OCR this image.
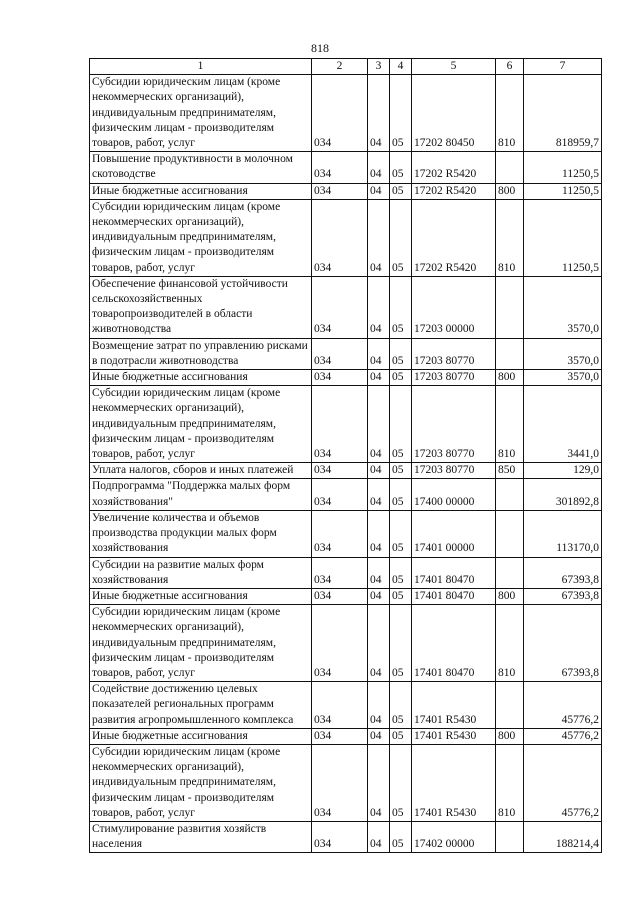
818
1	2	3	4	5	6	7
Субсидии юридическим лицам (кроме некоммерческих организаций), индивидуальным предпринимателям, физическим лицам - производителям товаров, работ, услуг	034	04	05	17202 80450	810	818959,7
Повышение продуктивности в молочном скотоводстве	034	04	05	17202 R5420		11250,5
Иные бюджетные ассигнования	034	04	05	17202 R5420	800	11250,5
Субсидии юридическим лицам (кроме некоммерческих организаций), индивидуальным предпринимателям, физическим лицам - производителям товаров, работ, услуг	034	04	05	17202 R5420	810	11250,5
Обеспечение финансовой устойчивости сельскохозяйственных товаропроизводителей в области животноводства	034	04	05	17203 00000		3570,0
Возмещение затрат по управлению рисками в подотрасли животноводства	034	04	05	17203 80770		3570,0
Иные бюджетные ассигнования	034	04	05	17203 80770	800	3570,0
Субсидии юридическим лицам (кроме некоммерческих организаций), индивидуальным предпринимателям, физическим лицам - производителям товаров, работ, услуг	034	04	05	17203 80770	810	3441,0
Уплата налогов, сборов и иных платежей	034	04	05	17203 80770	850	129,0
Подпрограмма "Поддержка малых форм хозяйствования"	034	04	05	17400 00000		301892,8
Увеличение количества и объемов производства продукции малых форм хозяйствования	034	04	05	17401 00000		113170,0
Субсидии на развитие малых форм хозяйствования	034	04	05	17401 80470		67393,8
Иные бюджетные ассигнования	034	04	05	17401 80470	800	67393,8
Субсидии юридическим лицам (кроме некоммерческих организаций), индивидуальным предпринимателям, физическим лицам - производителям товаров, работ, услуг	034	04	05	17401 80470	810	67393,8
Содействие достижению целевых показателей региональных программ развития агропромышленного комплекса	034	04	05	17401 R5430		45776,2
Иные бюджетные ассигнования	034	04	05	17401 R5430	800	45776,2
Субсидии юридическим лицам (кроме некоммерческих организаций), индивидуальным предпринимателям, физическим лицам - производителям товаров, работ, услуг	034	04	05	17401 R5430	810	45776,2
Стимулирование развития хозяйств населения	034	04	05	17402 00000		188214,4
